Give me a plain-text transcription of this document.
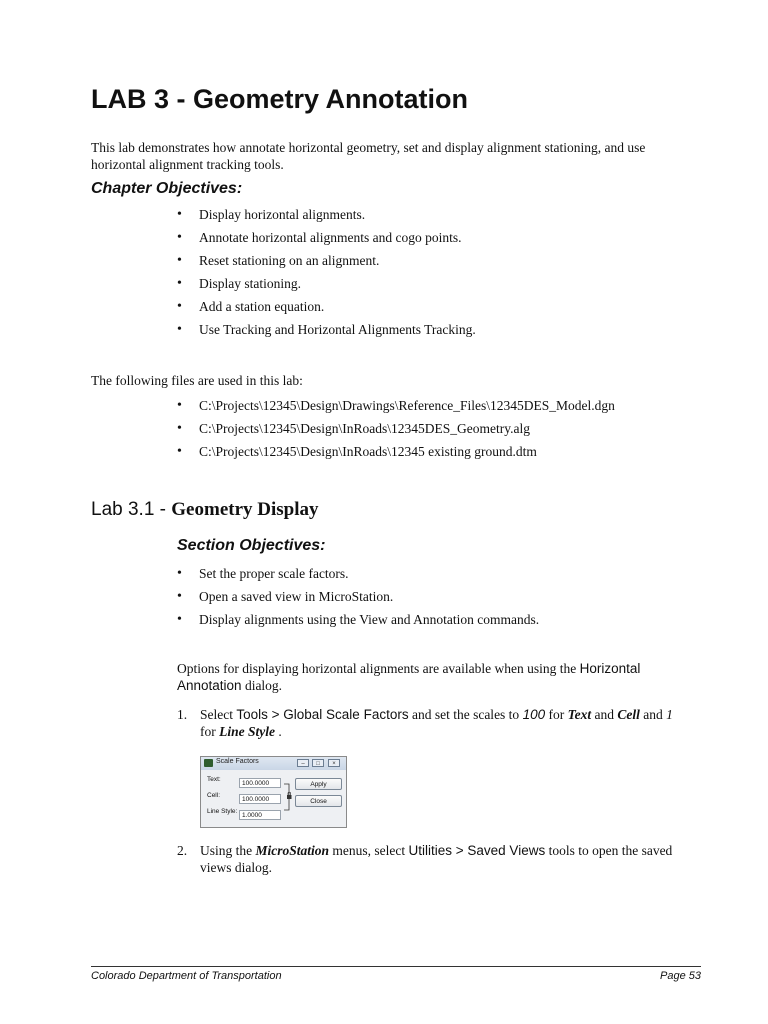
LAB 3 - Geometry Annotation

This lab demonstrates how annotate horizontal geometry, set and display alignment stationing, and use horizontal alignment tracking tools.

Chapter Objectives:
• Display horizontal alignments.
• Annotate horizontal alignments and cogo points.
• Reset stationing on an alignment.
• Display stationing.
• Add a station equation.
• Use Tracking and Horizontal Alignments Tracking.

The following files are used in this lab:

• C:\Projects\12345\Design\Drawings\Reference_Files\12345DES_Model.dgn
• C:\Projects\12345\Design\InRoads\12345DES_Geometry.alg
• C:\Projects\12345\Design\InRoads\12345 existing ground.dtm
Lab 3.1 - Geometry Display
Section Objectives:
• Set the proper scale factors.
• Open a saved view in MicroStation.
• Display alignments using the View and Annotation commands.

Options for displaying horizontal alignments are available when using the Horizontal
Annotation dialog.

1. Select Tools > Global Scale Factors and set the scales to 100 for Text and Cell and 1
for Line Style .
Scale Factors	–	□	×
Text:
100.0000
Cell:
100.0000
Line Style:
1.0000
Apply
Close
2. Using the MicroStation menus, select Utilities > Saved Views tools to open the saved
views dialog.
Colorado Department of Transportation	Page 53
